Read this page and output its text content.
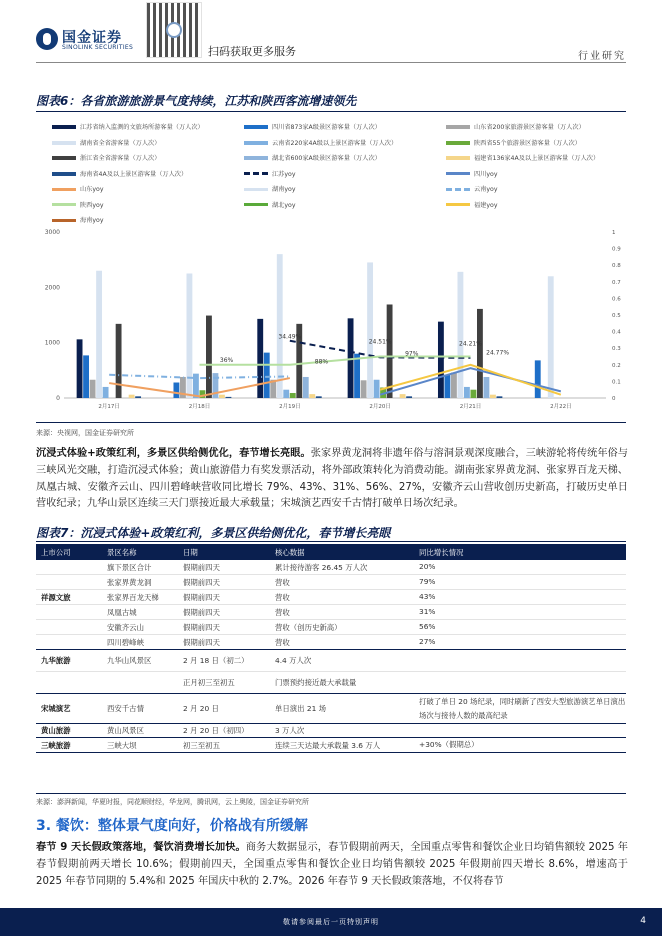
国金证券
SINOLINK SECURITIES	扫码获取更多服务	行业研究
图表6：各省旅游旅游景气度持续，江苏和陕西客流增速领先
江苏省纳入监测的文旅场所游客量（万人次）	四川省873家A级景区游客量（万人次）	山东省200家旅游景区游客量（万人次）
湖南省全省游客量（万人次）	云南省220家4A级以上景区游客量（万人次）	陕西省55个旅游景区游客量（万人次）
浙江省全省游客量（万人次）	湖北省600家A级景区游客量（万人次）	福建省136家4A及以上景区游客量（万人次）
海南省4A及以上景区游客量（万人次）	江苏yoy	四川yoy
山东yoy	湖南yoy	云南yoy
陕西yoy	湖北yoy	福建yoy
海南yoy
0
1000
2000
3000
0
0.1
0.2
0.3
0.4
0.5
0.6
0.7
0.8
0.9
1
2月17日	2月18日	2月19日	2月20日	2月21日	2月22日
34.49%
24.51%	24.21%
24.77%
36%	88%
97%
来源：央视网，国金证券研究所
沉浸式体验+政策红利，多景区供给侧优化，春节增长亮眼。张家界黄龙洞将非遗年俗与溶洞景观深度融合，三峡游轮将传统年俗与三峡风光交融，打造沉浸式体验；黄山旅游借力有奖发票活动，将外部政策转化为消费动能。湖南张家界黄龙洞、张家界百龙天梯、凤凰古城、安徽齐云山、四川碧峰峡营收同比增长 79%、43%、31%、56%、27%，安徽齐云山营收创历史新高，打破历史单日营收纪录；九华山景区连续三天门票接近最大承载量；宋城演艺西安千古情打破单日场次纪录。
图表7：沉浸式体验+政策红利，多景区供给侧优化，春节增长亮眼
上市公司	景区名称	日期	核心数据	同比增长情况
	旗下景区合计	假期前四天	累计接待游客 26.45 万人次	20%
	张家界黄龙洞	假期前四天	营收	79%
祥源文旅	张家界百龙天梯	假期前四天	营收	43%
	凤凰古城	假期前四天	营收	31%
	安徽齐云山	假期前四天	营收（创历史新高）	56%
	四川碧峰峡	假期前四天	营收	27%
九华旅游	九华山风景区	2 月 18 日（初二）	4.4 万人次	
		正月初三至初五	门票预约接近最大承载量	
宋城演艺	西安千古情	2 月 20 日	单日演出 21 场	打破了单日 20 场纪录，同时刷新了西安大型旅游演艺单日演出场次与接待人数的最高纪录
黄山旅游	黄山风景区	2 月 20 日（初四）	3 万人次	
三峡旅游	三峡大坝	初三至初五	连续三天达最大承载量 3.6 万人	+30%（假期总）
来源：澎湃新闻，华夏时报，同花顺财经，华龙网，腾讯网，云上奥陵，国金证券研究所
3. 餐饮：整体景气度向好，价格战有所缓解
春节 9 天长假政策落地，餐饮消费增长加快。商务大数据显示，春节假期前两天，全国重点零售和餐饮企业日均销售额较 2025 年春节假期前两天增长 10.6%；假期前四天，全国重点零售和餐饮企业日均销售额较 2025 年假期前四天增长 8.6%，增速高于 2025 年春节同期的 5.4%和 2025 年国庆中秋的 2.7%。2026 年春节 9 天长假政策落地，不仅将春节
敬请参阅最后一页特别声明	4
